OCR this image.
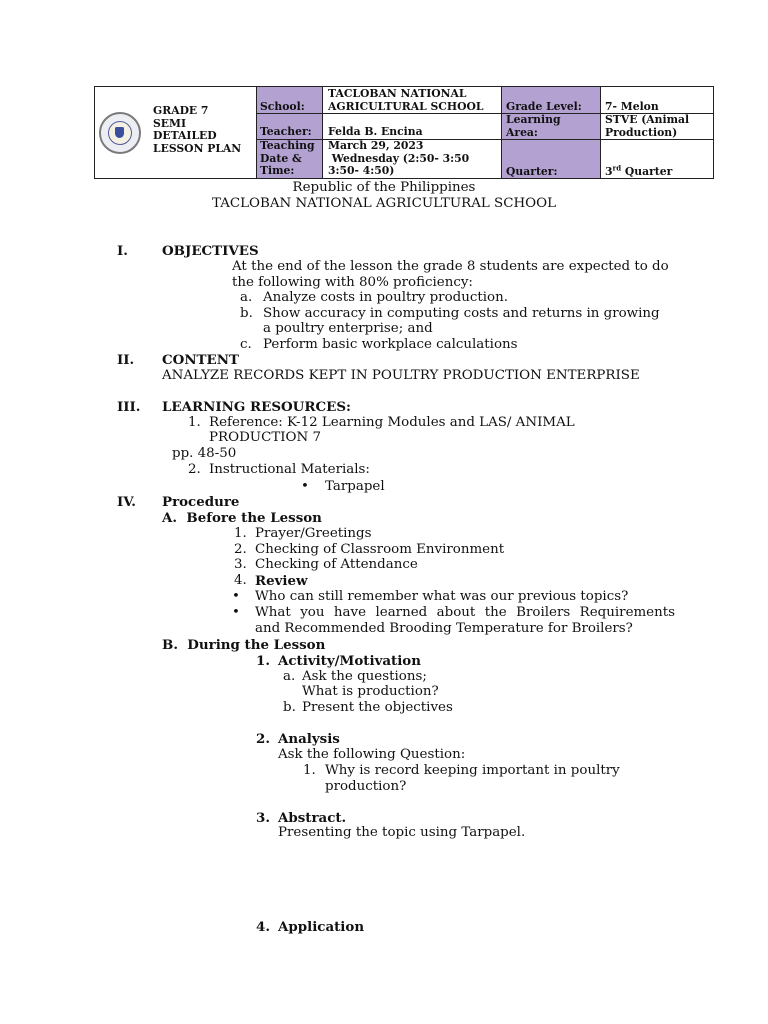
GRADE 7
SEMI
DETAILED
LESSON PLAN
School:
Teacher:
Teaching
Date &
Time:
TACLOBAN NATIONAL
AGRICULTURAL SCHOOL
Felda B. Encina
March 29, 2023
Wednesday (2:50- 3:50
3:50- 4:50)
Grade Level:
Learning
Area:
Quarter:
7- Melon
STVE (Animal
Production)
3rd Quarter
Republic of the Philippines
TACLOBAN NATIONAL AGRICULTURAL SCHOOL
I.	OBJECTIVES
At the end of the lesson the grade 8 students are expected to do
the following with 80% proficiency:
a. Analyze costs in poultry production.
b. Show accuracy in computing costs and returns in growing
a poultry enterprise; and
c. Perform basic workplace calculations
II. CONTENT
ANALYZE RECORDS KEPT IN POULTRY PRODUCTION ENTERPRISE
III. LEARNING RESOURCES:
1. Reference: K-12 Learning Modules and LAS/ ANIMAL
PRODUCTION 7
pp. 48-50
2. Instructional Materials:
• Tarpapel
IV. Procedure
A.  Before the Lesson
1. Prayer/Greetings
2. Checking of Classroom Environment
3. Checking of Attendance
4. Review
• Who can still remember what was our previous topics?
• What you have learned about the Broilers Requirements
and Recommended Brooding Temperature for Broilers?
B.  During the Lesson
1. Activity/Motivation
a. Ask the questions;
What is production?
b. Present the objectives
2. Analysis
Ask the following Question:
1. Why is record keeping important in poultry
production?
3. Abstract.
Presenting the topic using Tarpapel.
4. Application
